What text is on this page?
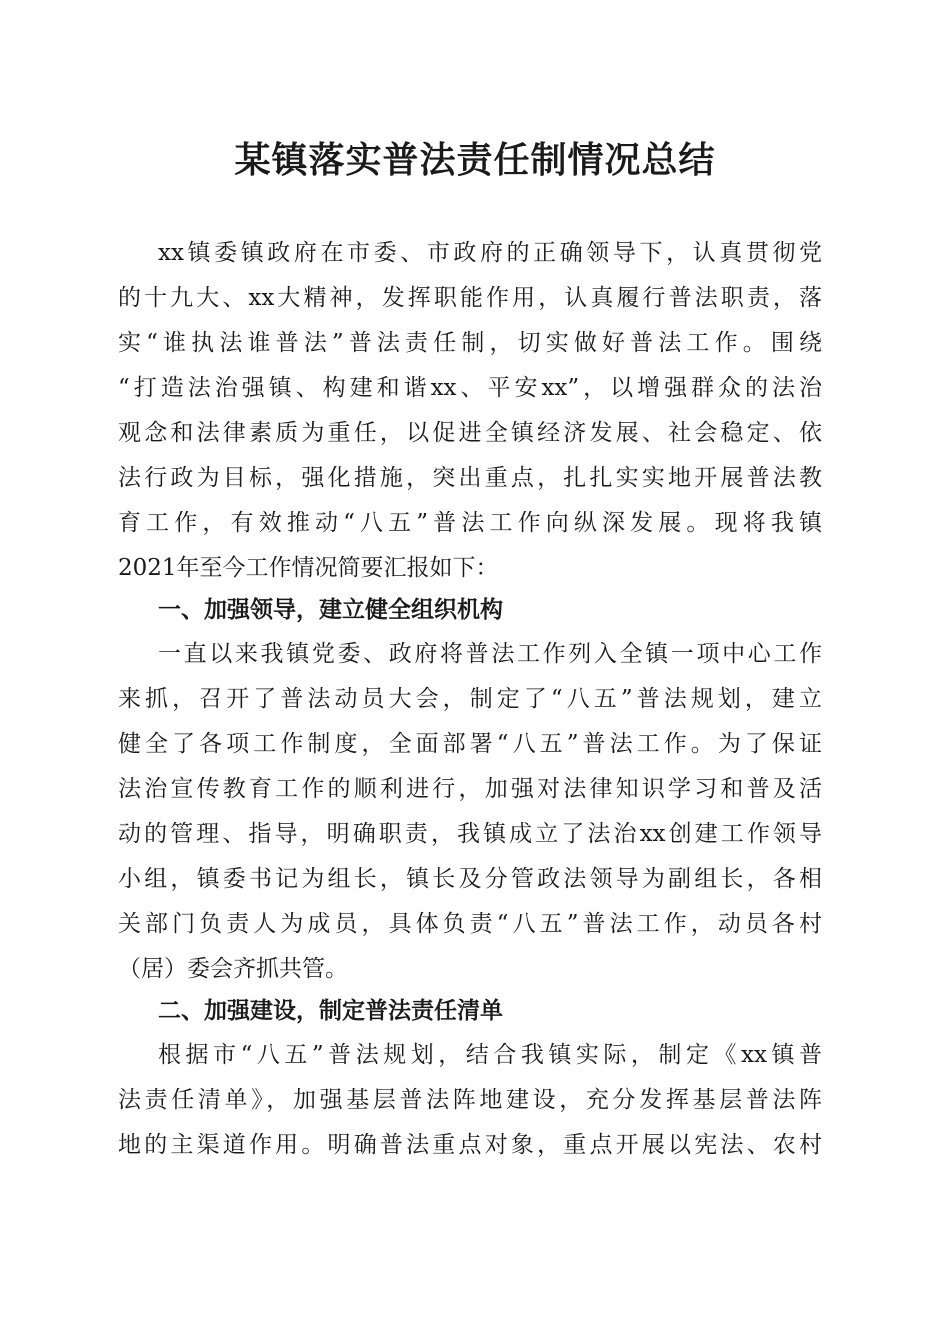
某镇落实普法责任制情况总结
xx镇委镇政府在市委、市政府的正确领导下，认真贯彻党
的十九大、xx大精神，发挥职能作用，认真履行普法职责，落
实“谁执法谁普法”普法责任制，切实做好普法工作。围绕
“打造法治强镇、构建和谐xx、平安xx”，以增强群众的法治
观念和法律素质为重任，以促进全镇经济发展、社会稳定、依
法行政为目标，强化措施，突出重点，扎扎实实地开展普法教
育工作，有效推动“八五”普法工作向纵深发展。现将我镇
2021年至今工作情况简要汇报如下：
一、加强领导，建立健全组织机构
一直以来我镇党委、政府将普法工作列入全镇一项中心工作
来抓，召开了普法动员大会，制定了“八五”普法规划，建立
健全了各项工作制度，全面部署“八五”普法工作。为了保证
法治宣传教育工作的顺利进行，加强对法律知识学习和普及活
动的管理、指导，明确职责，我镇成立了法治xx创建工作领导
小组，镇委书记为组长，镇长及分管政法领导为副组长，各相
关部门负责人为成员，具体负责“八五”普法工作，动员各村
（居）委会齐抓共管。
二、加强建设，制定普法责任清单
根据市“八五”普法规划，结合我镇实际，制定《xx镇普
法责任清单》，加强基层普法阵地建设，充分发挥基层普法阵
地的主渠道作用。明确普法重点对象，重点开展以宪法、农村
